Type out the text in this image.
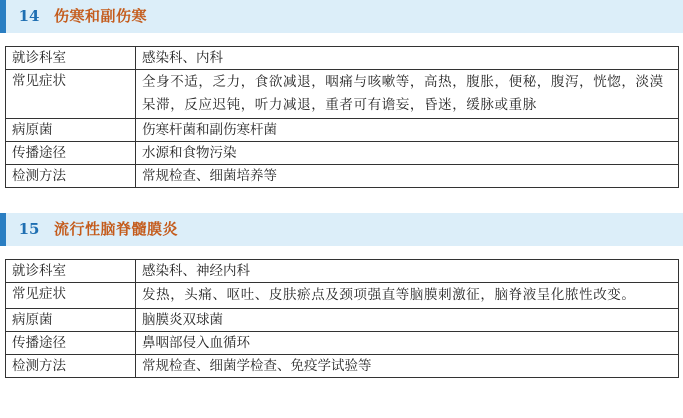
14 伤寒和副伤寒
就诊科室	感染科、内科
常见症状	全身不适，乏力，食欲减退，咽痛与咳嗽等，高热，腹胀，便秘，腹泻，恍惚，淡漠呆滞，反应迟钝，听力减退，重者可有谵妄，昏迷，缓脉或重脉
病原菌	伤寒杆菌和副伤寒杆菌
传播途径	水源和食物污染
检测方法	常规检查、细菌培养等
15 流行性脑脊髓膜炎
就诊科室	感染科、神经内科
常见症状	发热，头痛、呕吐、皮肤瘀点及颈项强直等脑膜刺激征，脑脊液呈化脓性改变。
病原菌	脑膜炎双球菌
传播途径	鼻咽部侵入血循环
检测方法	常规检查、细菌学检查、免疫学试验等
